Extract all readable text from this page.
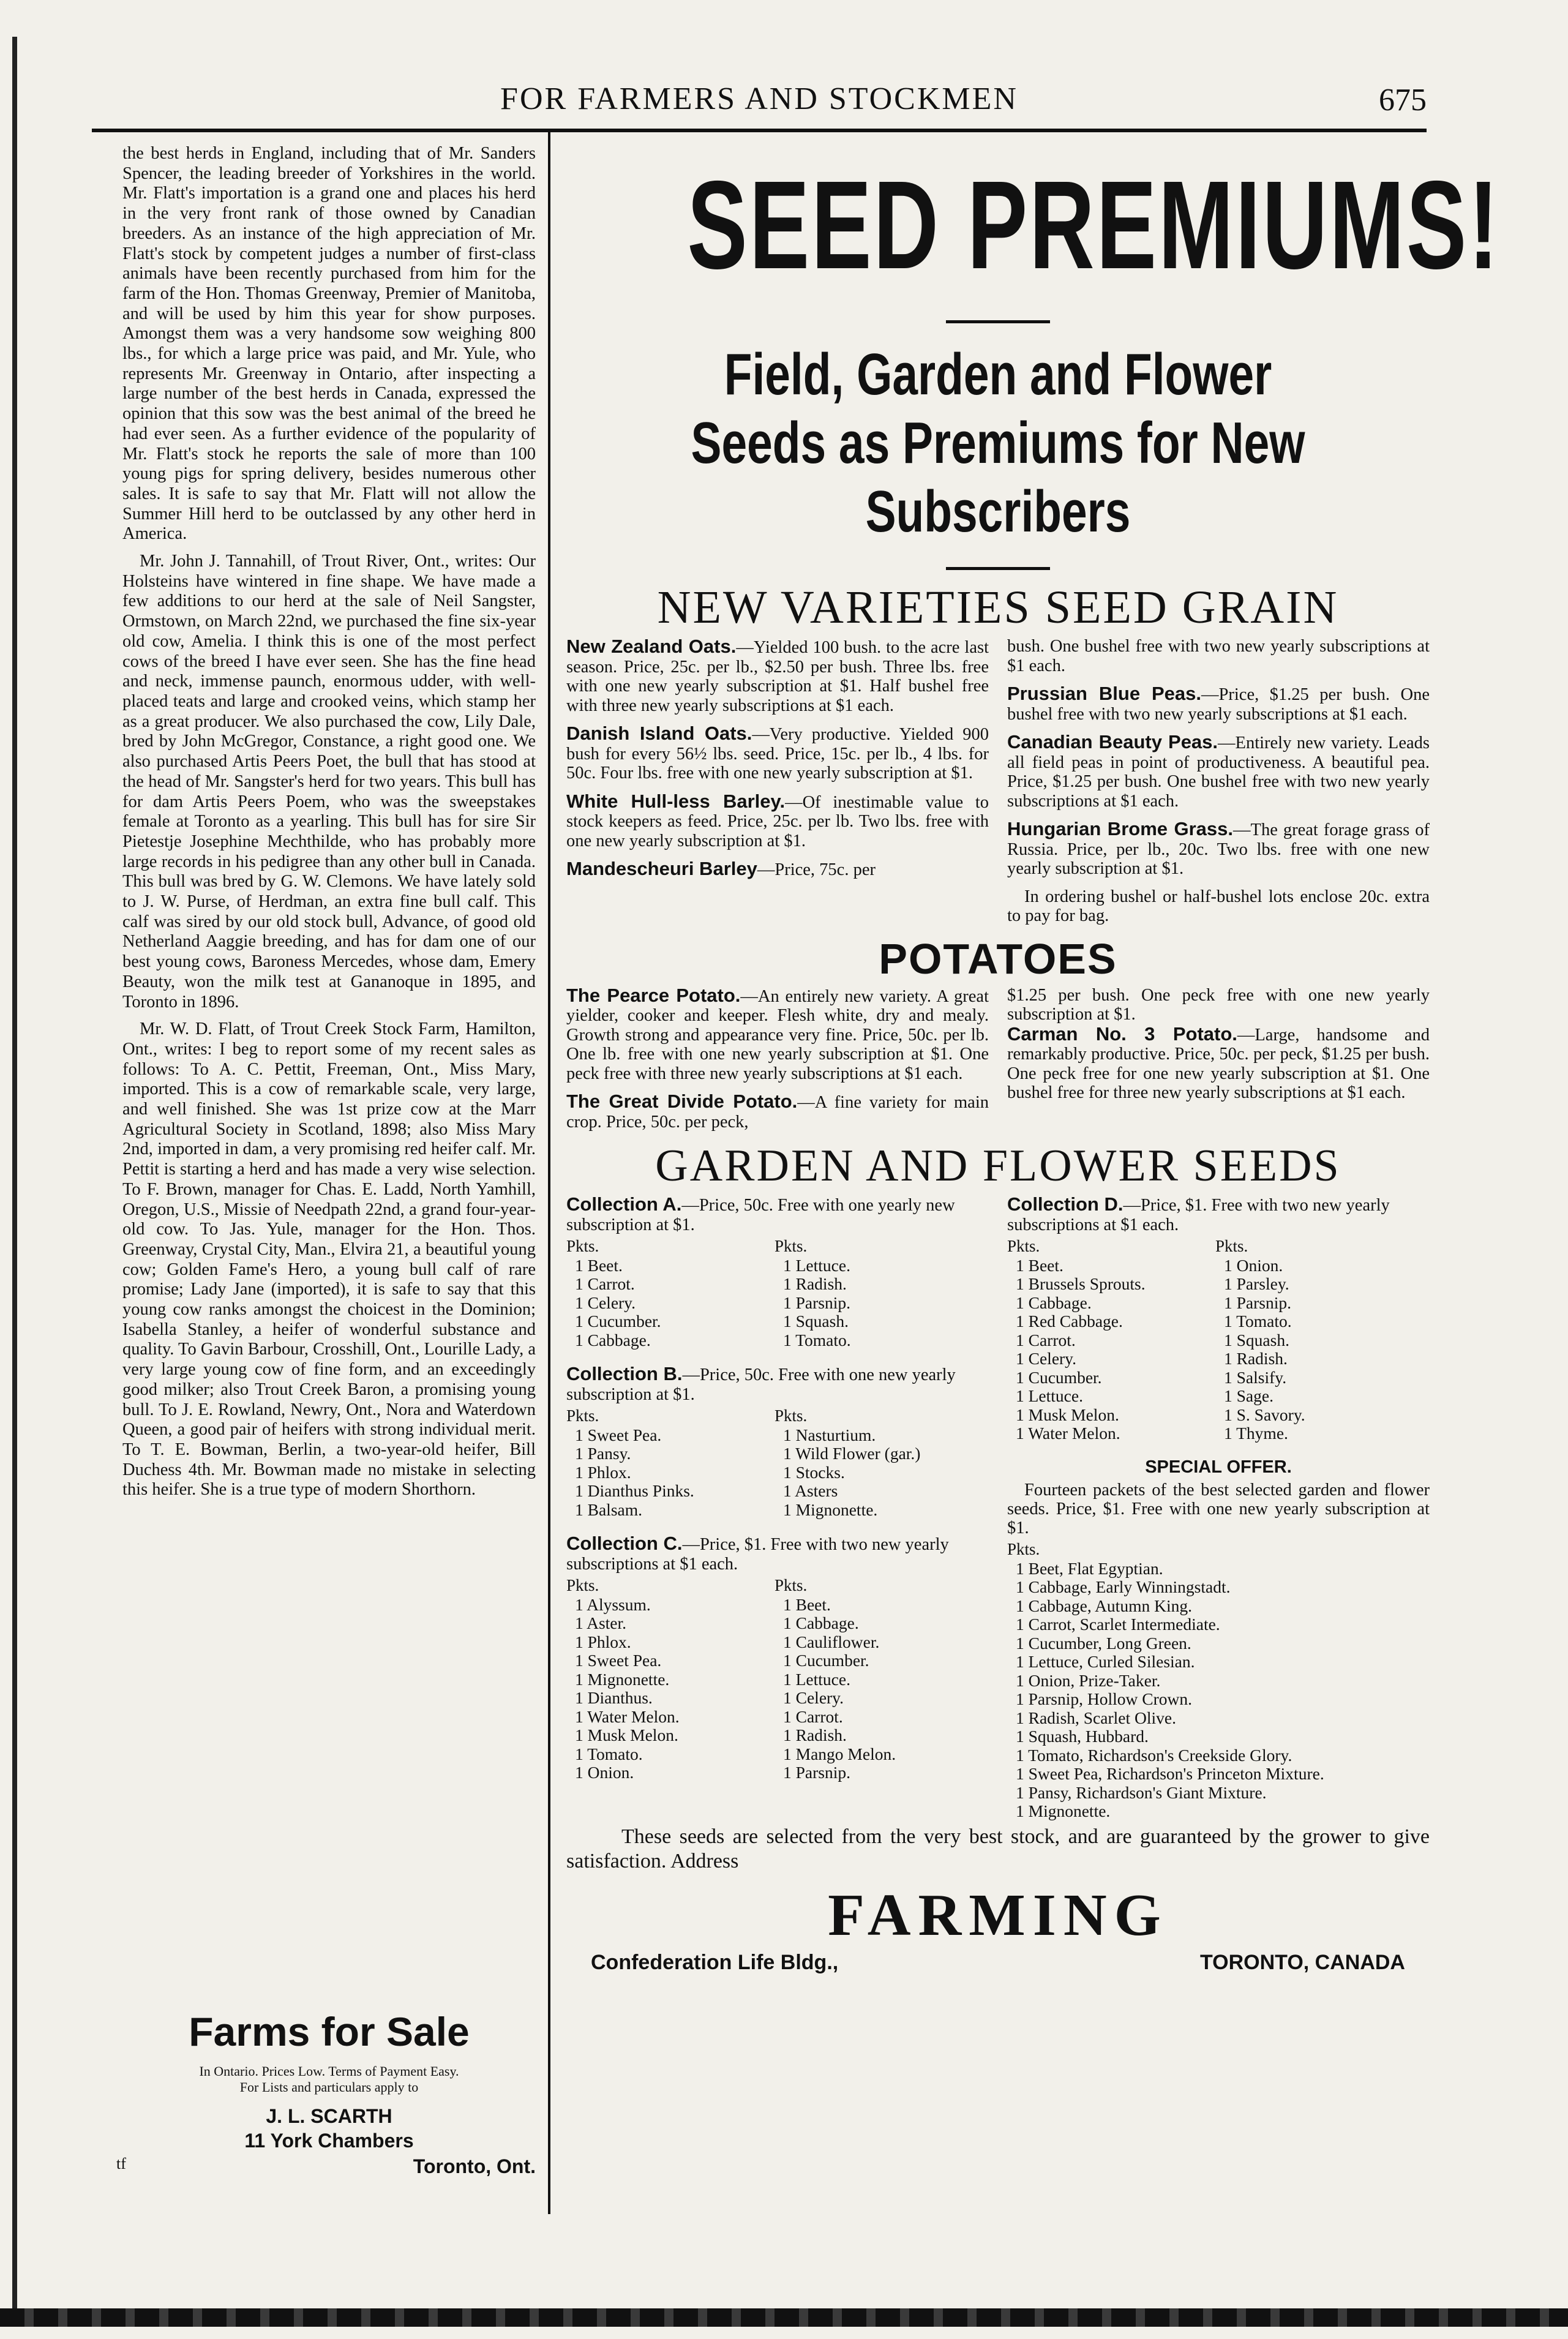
FOR FARMERS AND STOCKMEN	675

the best herds in England, including that of Mr. Sanders Spencer, the leading breeder of Yorkshires in the world. Mr. Flatt's importation is a grand one and places his herd in the very front rank of those owned by Canadian breeders. As an instance of the high appreciation of Mr. Flatt's stock by competent judges a number of first-class animals have been recently purchased from him for the farm of the Hon. Thomas Greenway, Premier of Manitoba, and will be used by him this year for show purposes. Amongst them was a very handsome sow weighing 800 lbs., for which a large price was paid, and Mr. Yule, who represents Mr. Greenway in Ontario, after inspecting a large number of the best herds in Canada, expressed the opinion that this sow was the best animal of the breed he had ever seen. As a further evidence of the popularity of Mr. Flatt's stock he reports the sale of more than 100 young pigs for spring delivery, besides numerous other sales. It is safe to say that Mr. Flatt will not allow the Summer Hill herd to be outclassed by any other herd in America.

Mr. John J. Tannahill, of Trout River, Ont., writes: Our Holsteins have wintered in fine shape. We have made a few additions to our herd at the sale of Neil Sangster, Ormstown, on March 22nd, we purchased the fine six-year old cow, Amelia. I think this is one of the most perfect cows of the breed I have ever seen. She has the fine head and neck, immense paunch, enormous udder, with well-placed teats and large and crooked veins, which stamp her as a great producer. We also purchased the cow, Lily Dale, bred by John McGregor, Constance, a right good one. We also purchased Artis Peers Poet, the bull that has stood at the head of Mr. Sangster's herd for two years. This bull has for dam Artis Peers Poem, who was the sweepstakes female at Toronto as a yearling. This bull has for sire Sir Pietestje Josephine Mechthilde, who has probably more large records in his pedigree than any other bull in Canada. This bull was bred by G. W. Clemons. We have lately sold to J. W. Purse, of Herdman, an extra fine bull calf. This calf was sired by our old stock bull, Advance, of good old Netherland Aaggie breeding, and has for dam one of our best young cows, Baroness Mercedes, whose dam, Emery Beauty, won the milk test at Gananoque in 1895, and Toronto in 1896.

Mr. W. D. Flatt, of Trout Creek Stock Farm, Hamilton, Ont., writes: I beg to report some of my recent sales as follows: To A. C. Pettit, Freeman, Ont., Miss Mary, imported. This is a cow of remarkable scale, very large, and well finished. She was 1st prize cow at the Marr Agricultural Society in Scotland, 1898; also Miss Mary 2nd, imported in dam, a very promising red heifer calf. Mr. Pettit is starting a herd and has made a very wise selection. To F. Brown, manager for Chas. E. Ladd, North Yamhill, Oregon, U.S., Missie of Needpath 22nd, a grand four-year-old cow. To Jas. Yule, manager for the Hon. Thos. Greenway, Crystal City, Man., Elvira 21, a beautiful young cow; Golden Fame's Hero, a young bull calf of rare promise; Lady Jane (imported), it is safe to say that this young cow ranks amongst the choicest in the Dominion; Isabella Stanley, a heifer of wonderful substance and quality. To Gavin Barbour, Crosshill, Ont., Lourille Lady, a very large young cow of fine form, and an exceedingly good milker; also Trout Creek Baron, a promising young bull. To J. E. Rowland, Newry, Ont., Nora and Waterdown Queen, a good pair of heifers with strong individual merit. To T. E. Bowman, Berlin, a two-year-old heifer, Bill Duchess 4th. Mr. Bowman made no mistake in selecting this heifer. She is a true type of modern Shorthorn.

Farms for Sale
In Ontario. Prices Low. Terms of Payment Easy.
For Lists and particulars apply to
J. L. SCARTH
11 York Chambers
Toronto, Ont.
tf
SEED PREMIUMS!
Field, Garden and Flower Seeds as Premiums for New Subscribers
NEW VARIETIES SEED GRAIN
New Zealand Oats.—Yielded 100 bush. to the acre last season. Price, 25c. per lb., $2.50 per bush. Three lbs. free with one new yearly subscription at $1. Half bushel free with three new yearly subscriptions at $1 each.
Danish Island Oats.—Very productive. Yielded 900 bush for every 56½ lbs. seed. Price, 15c. per lb., 4 lbs. for 50c. Four lbs. free with one new yearly subscription at $1.
White Hull-less Barley.—Of inestimable value to stock keepers as feed. Price, 25c. per lb. Two lbs. free with one new yearly subscription at $1.
Mandescheuri Barley—Price, 75c. per
bush. One bushel free with two new yearly subscriptions at $1 each.
Prussian Blue Peas.—Price, $1.25 per bush. One bushel free with two new yearly subscriptions at $1 each.
Canadian Beauty Peas.—Entirely new variety. Leads all field peas in point of productiveness. A beautiful pea. Price, $1.25 per bush. One bushel free with two new yearly subscriptions at $1 each.
Hungarian Brome Grass.—The great forage grass of Russia. Price, per lb., 20c. Two lbs. free with one new yearly subscription at $1.
In ordering bushel or half-bushel lots enclose 20c. extra to pay for bag.
POTATOES
The Pearce Potato.—An entirely new variety. A great yielder, cooker and keeper. Flesh white, dry and mealy. Growth strong and appearance very fine. Price, 50c. per lb. One lb. free with one new yearly subscription at $1. One peck free with three new yearly subscriptions at $1 each.
The Great Divide Potato.—A fine variety for main crop. Price, 50c. per peck,
$1.25 per bush. One peck free with one new yearly subscription at $1.
Carman No. 3 Potato.—Large, handsome and remarkably productive. Price, 50c. per peck, $1.25 per bush. One peck free for one new yearly subscription at $1. One bushel free for three new yearly subscriptions at $1 each.
GARDEN AND FLOWER SEEDS
Collection A.—Price, 50c. Free with one yearly new subscription at $1.
Pkts.	Pkts.
1 Beet.	1 Lettuce.
1 Carrot.	1 Radish.
1 Celery.	1 Parsnip.
1 Cucumber.	1 Squash.
1 Cabbage.	1 Tomato.
Collection B.—Price, 50c. Free with one new yearly subscription at $1.
Pkts.	Pkts.
1 Sweet Pea.	1 Nasturtium.
1 Pansy.	1 Wild Flower (gar.)
1 Phlox.	1 Stocks.
1 Dianthus Pinks.	1 Asters
1 Balsam.	1 Mignonette.
Collection C.—Price, $1. Free with two new yearly subscriptions at $1 each.
Pkts.	Pkts.
1 Alyssum.	1 Beet.
1 Aster.	1 Cabbage.
1 Phlox.	1 Cauliflower.
1 Sweet Pea.	1 Cucumber.
1 Mignonette.	1 Lettuce.
1 Dianthus.	1 Celery.
1 Water Melon.	1 Carrot.
1 Musk Melon.	1 Radish.
1 Tomato.	1 Mango Melon.
1 Onion.	1 Parsnip.
Collection D.—Price, $1. Free with two new yearly subscriptions at $1 each.
Pkts.	Pkts.
1 Beet.	1 Onion.
1 Brussels Sprouts.	1 Parsley.
1 Cabbage.	1 Parsnip.
1 Red Cabbage.	1 Tomato.
1 Carrot.	1 Squash.
1 Celery.	1 Radish.
1 Cucumber.	1 Salsify.
1 Lettuce.	1 Sage.
1 Musk Melon.	1 S. Savory.
1 Water Melon.	1 Thyme.
SPECIAL OFFER.
Fourteen packets of the best selected garden and flower seeds. Price, $1. Free with one new yearly subscription at $1.
Pkts.
1 Beet, Flat Egyptian.
1 Cabbage, Early Winningstadt.
1 Cabbage, Autumn King.
1 Carrot, Scarlet Intermediate.
1 Cucumber, Long Green.
1 Lettuce, Curled Silesian.
1 Onion, Prize-Taker.
1 Parsnip, Hollow Crown.
1 Radish, Scarlet Olive.
1 Squash, Hubbard.
1 Tomato, Richardson's Creekside Glory.
1 Sweet Pea, Richardson's Princeton Mixture.
1 Pansy, Richardson's Giant Mixture.
1 Mignonette.
These seeds are selected from the very best stock, and are guaranteed by the grower to give satisfaction. Address
FARMING
Confederation Life Bldg.,	TORONTO, CANADA
